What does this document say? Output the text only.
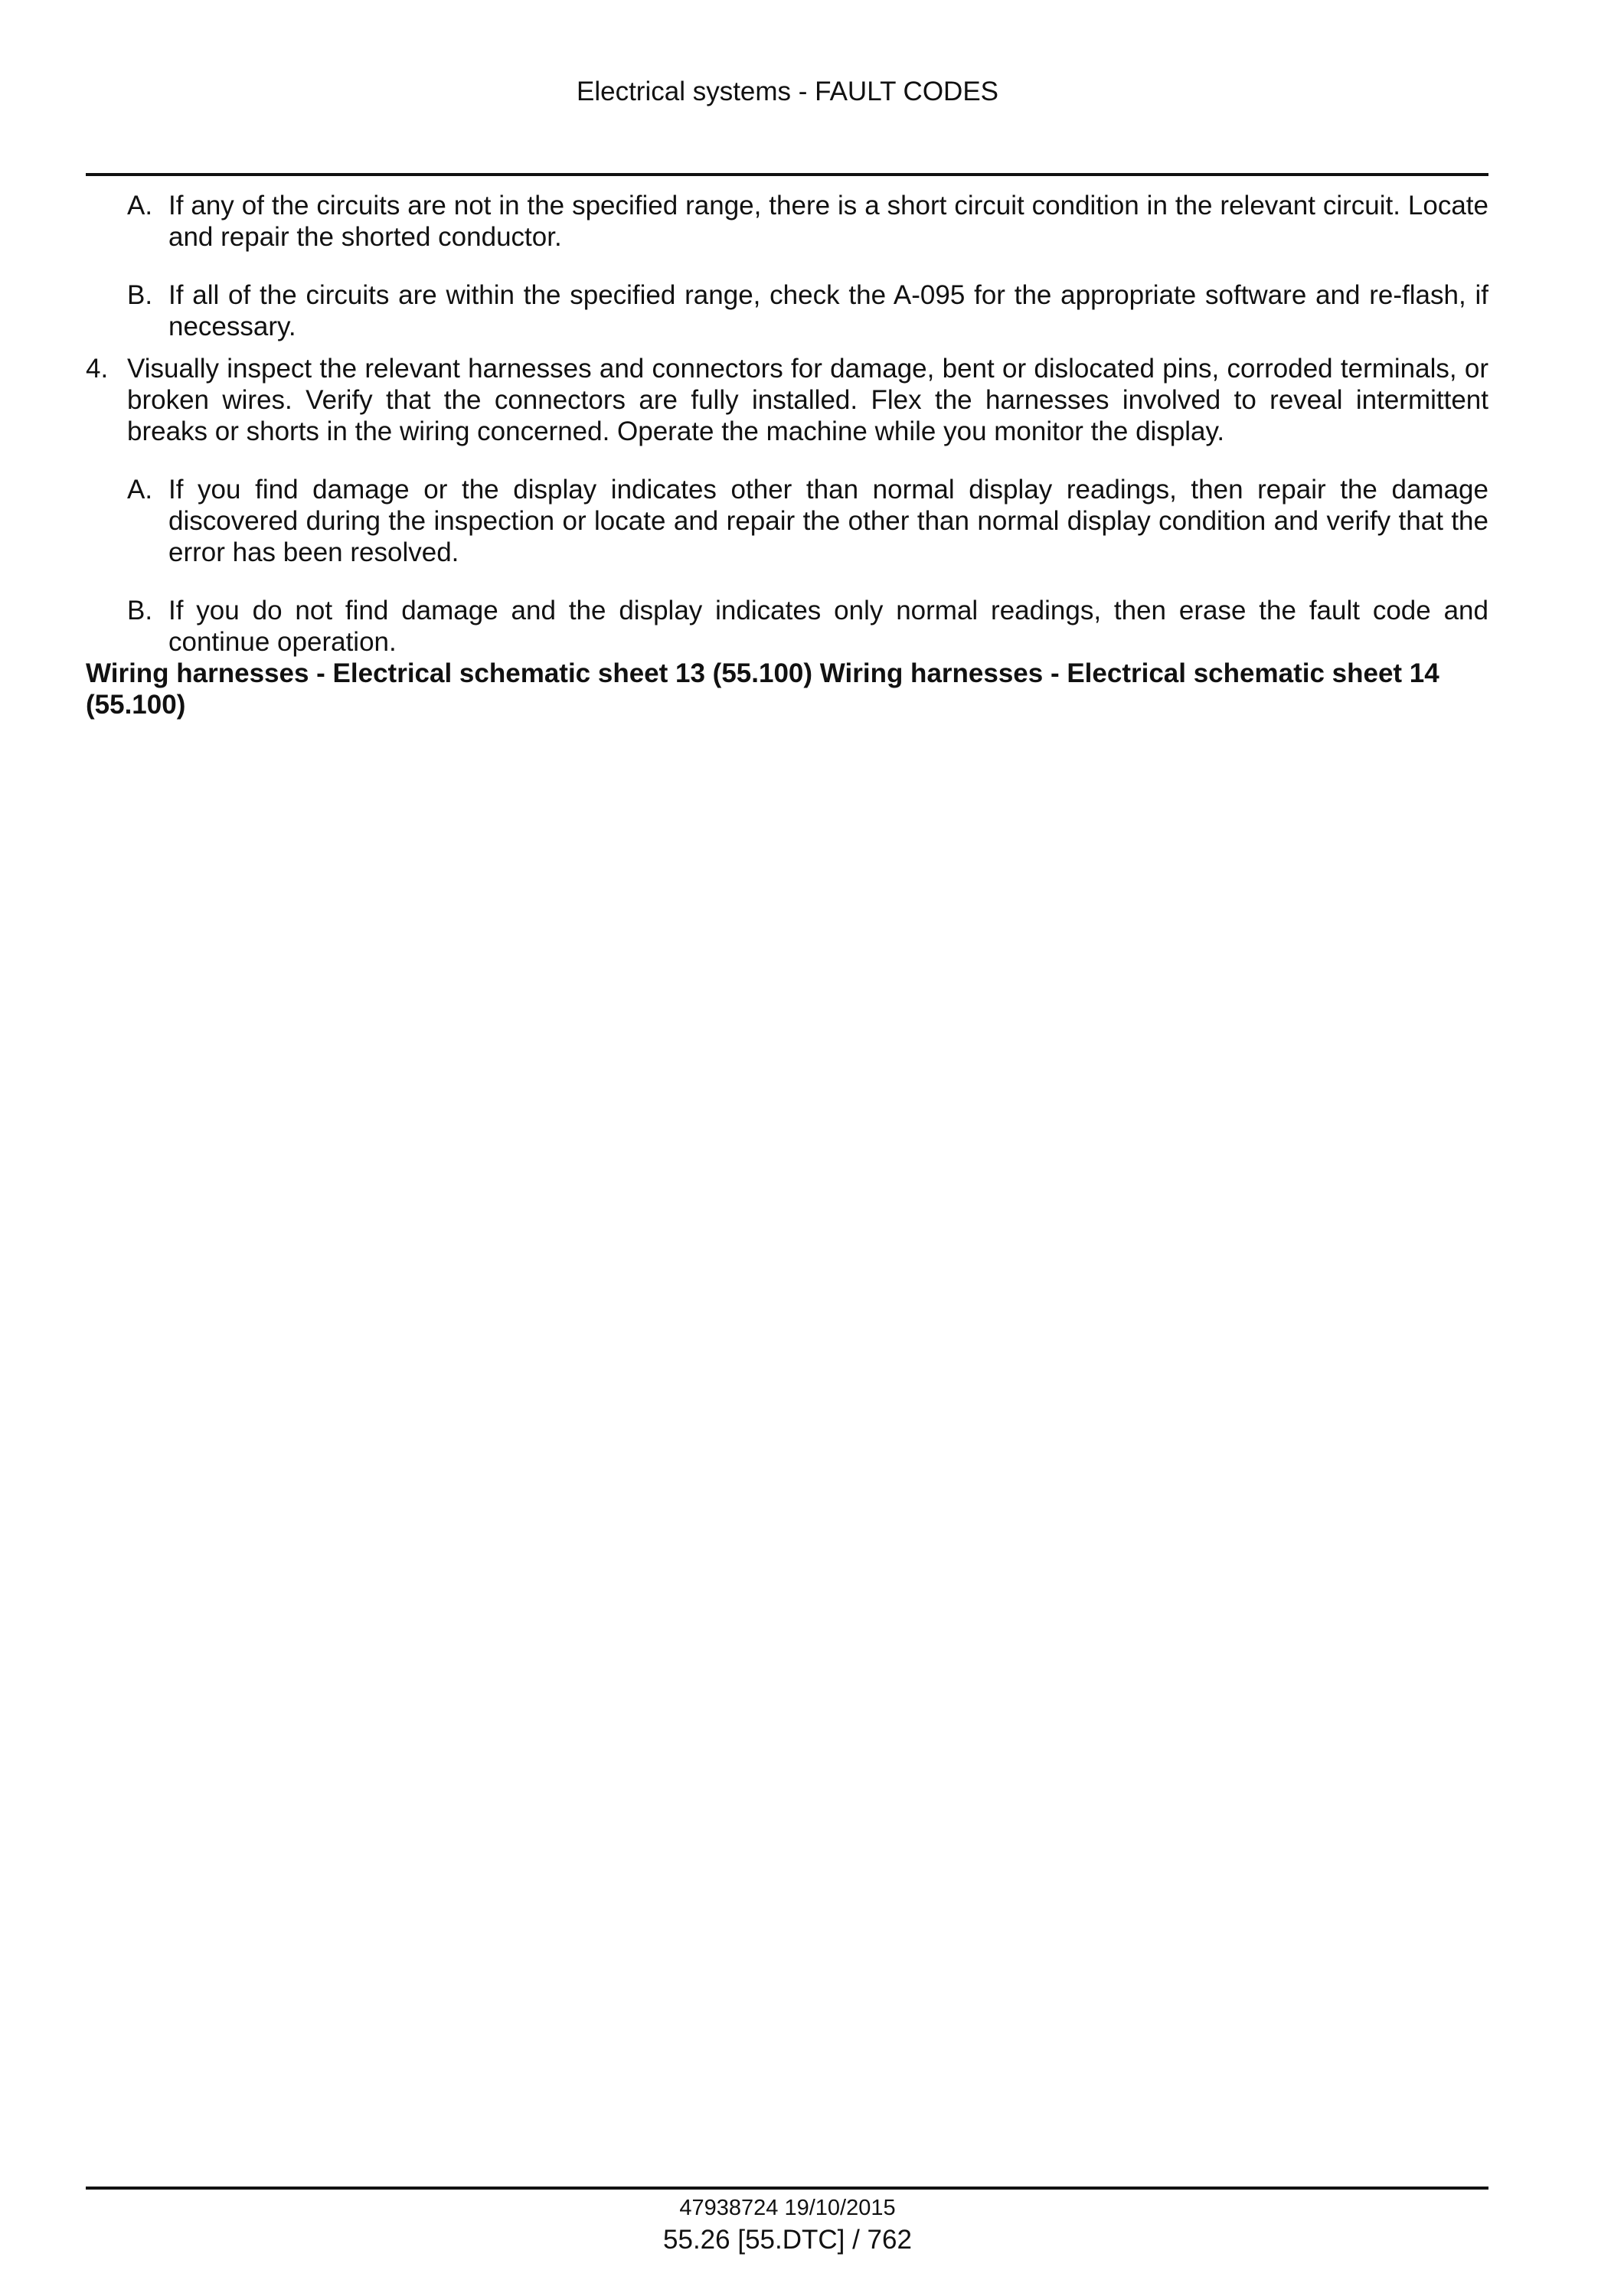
Electrical systems - FAULT CODES
A. If any of the circuits are not in the specified range, there is a short circuit condition in the relevant circuit. Locate and repair the shorted conductor.
B. If all of the circuits are within the specified range, check the A-095 for the appropriate software and re-flash, if necessary.
4. Visually inspect the relevant harnesses and connectors for damage, bent or dislocated pins, corroded terminals, or broken wires. Verify that the connectors are fully installed. Flex the harnesses involved to reveal intermittent breaks or shorts in the wiring concerned. Operate the machine while you monitor the display.
A. If you find damage or the display indicates other than normal display readings, then repair the damage discovered during the inspection or locate and repair the other than normal display condition and verify that the error has been resolved.
B. If you do not find damage and the display indicates only normal readings, then erase the fault code and continue operation.
Wiring harnesses - Electrical schematic sheet 13 (55.100) Wiring harnesses - Electrical schematic sheet 14 (55.100)
47938724 19/10/2015
55.26 [55.DTC] / 762
